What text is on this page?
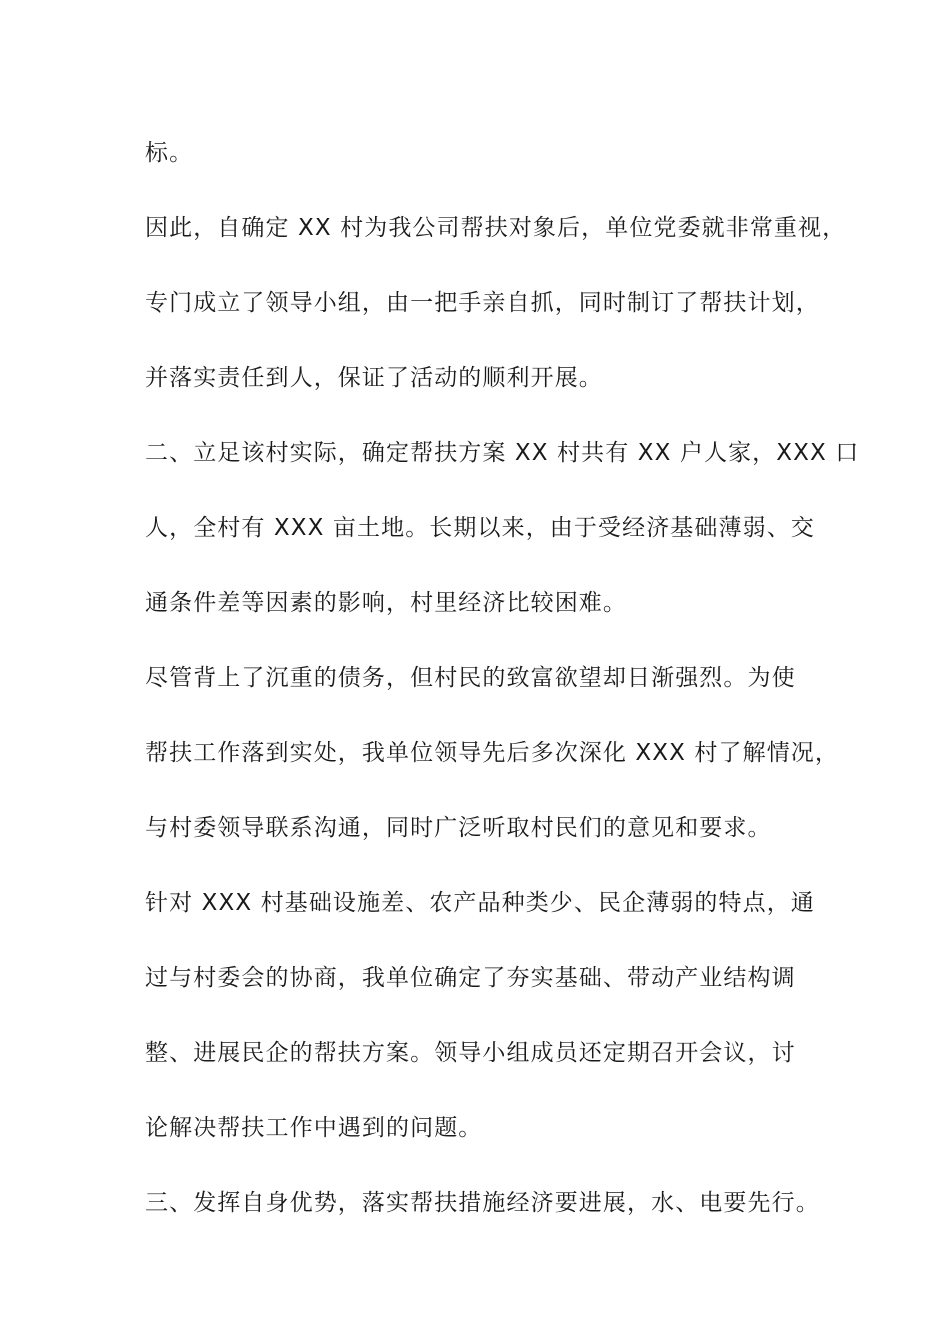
标。
因此，自确定 XX 村为我公司帮扶对象后，单位党委就非常重视，
专门成立了领导小组，由一把手亲自抓，同时制订了帮扶计划，
并落实责任到人，保证了活动的顺利开展。
二、立足该村实际，确定帮扶方案 XX 村共有 XX 户人家，XXX 口
人，全村有 XXX 亩土地。长期以来，由于受经济基础薄弱、交
通条件差等因素的影响，村里经济比较困难。
尽管背上了沉重的债务，但村民的致富欲望却日渐强烈。为使
帮扶工作落到实处，我单位领导先后多次深化 XXX 村了解情况，
与村委领导联系沟通，同时广泛听取村民们的意见和要求。
针对 XXX 村基础设施差、农产品种类少、民企薄弱的特点，通
过与村委会的协商，我单位确定了夯实基础、带动产业结构调
整、进展民企的帮扶方案。领导小组成员还定期召开会议，讨
论解决帮扶工作中遇到的问题。
三、发挥自身优势，落实帮扶措施经济要进展，水、电要先行。
